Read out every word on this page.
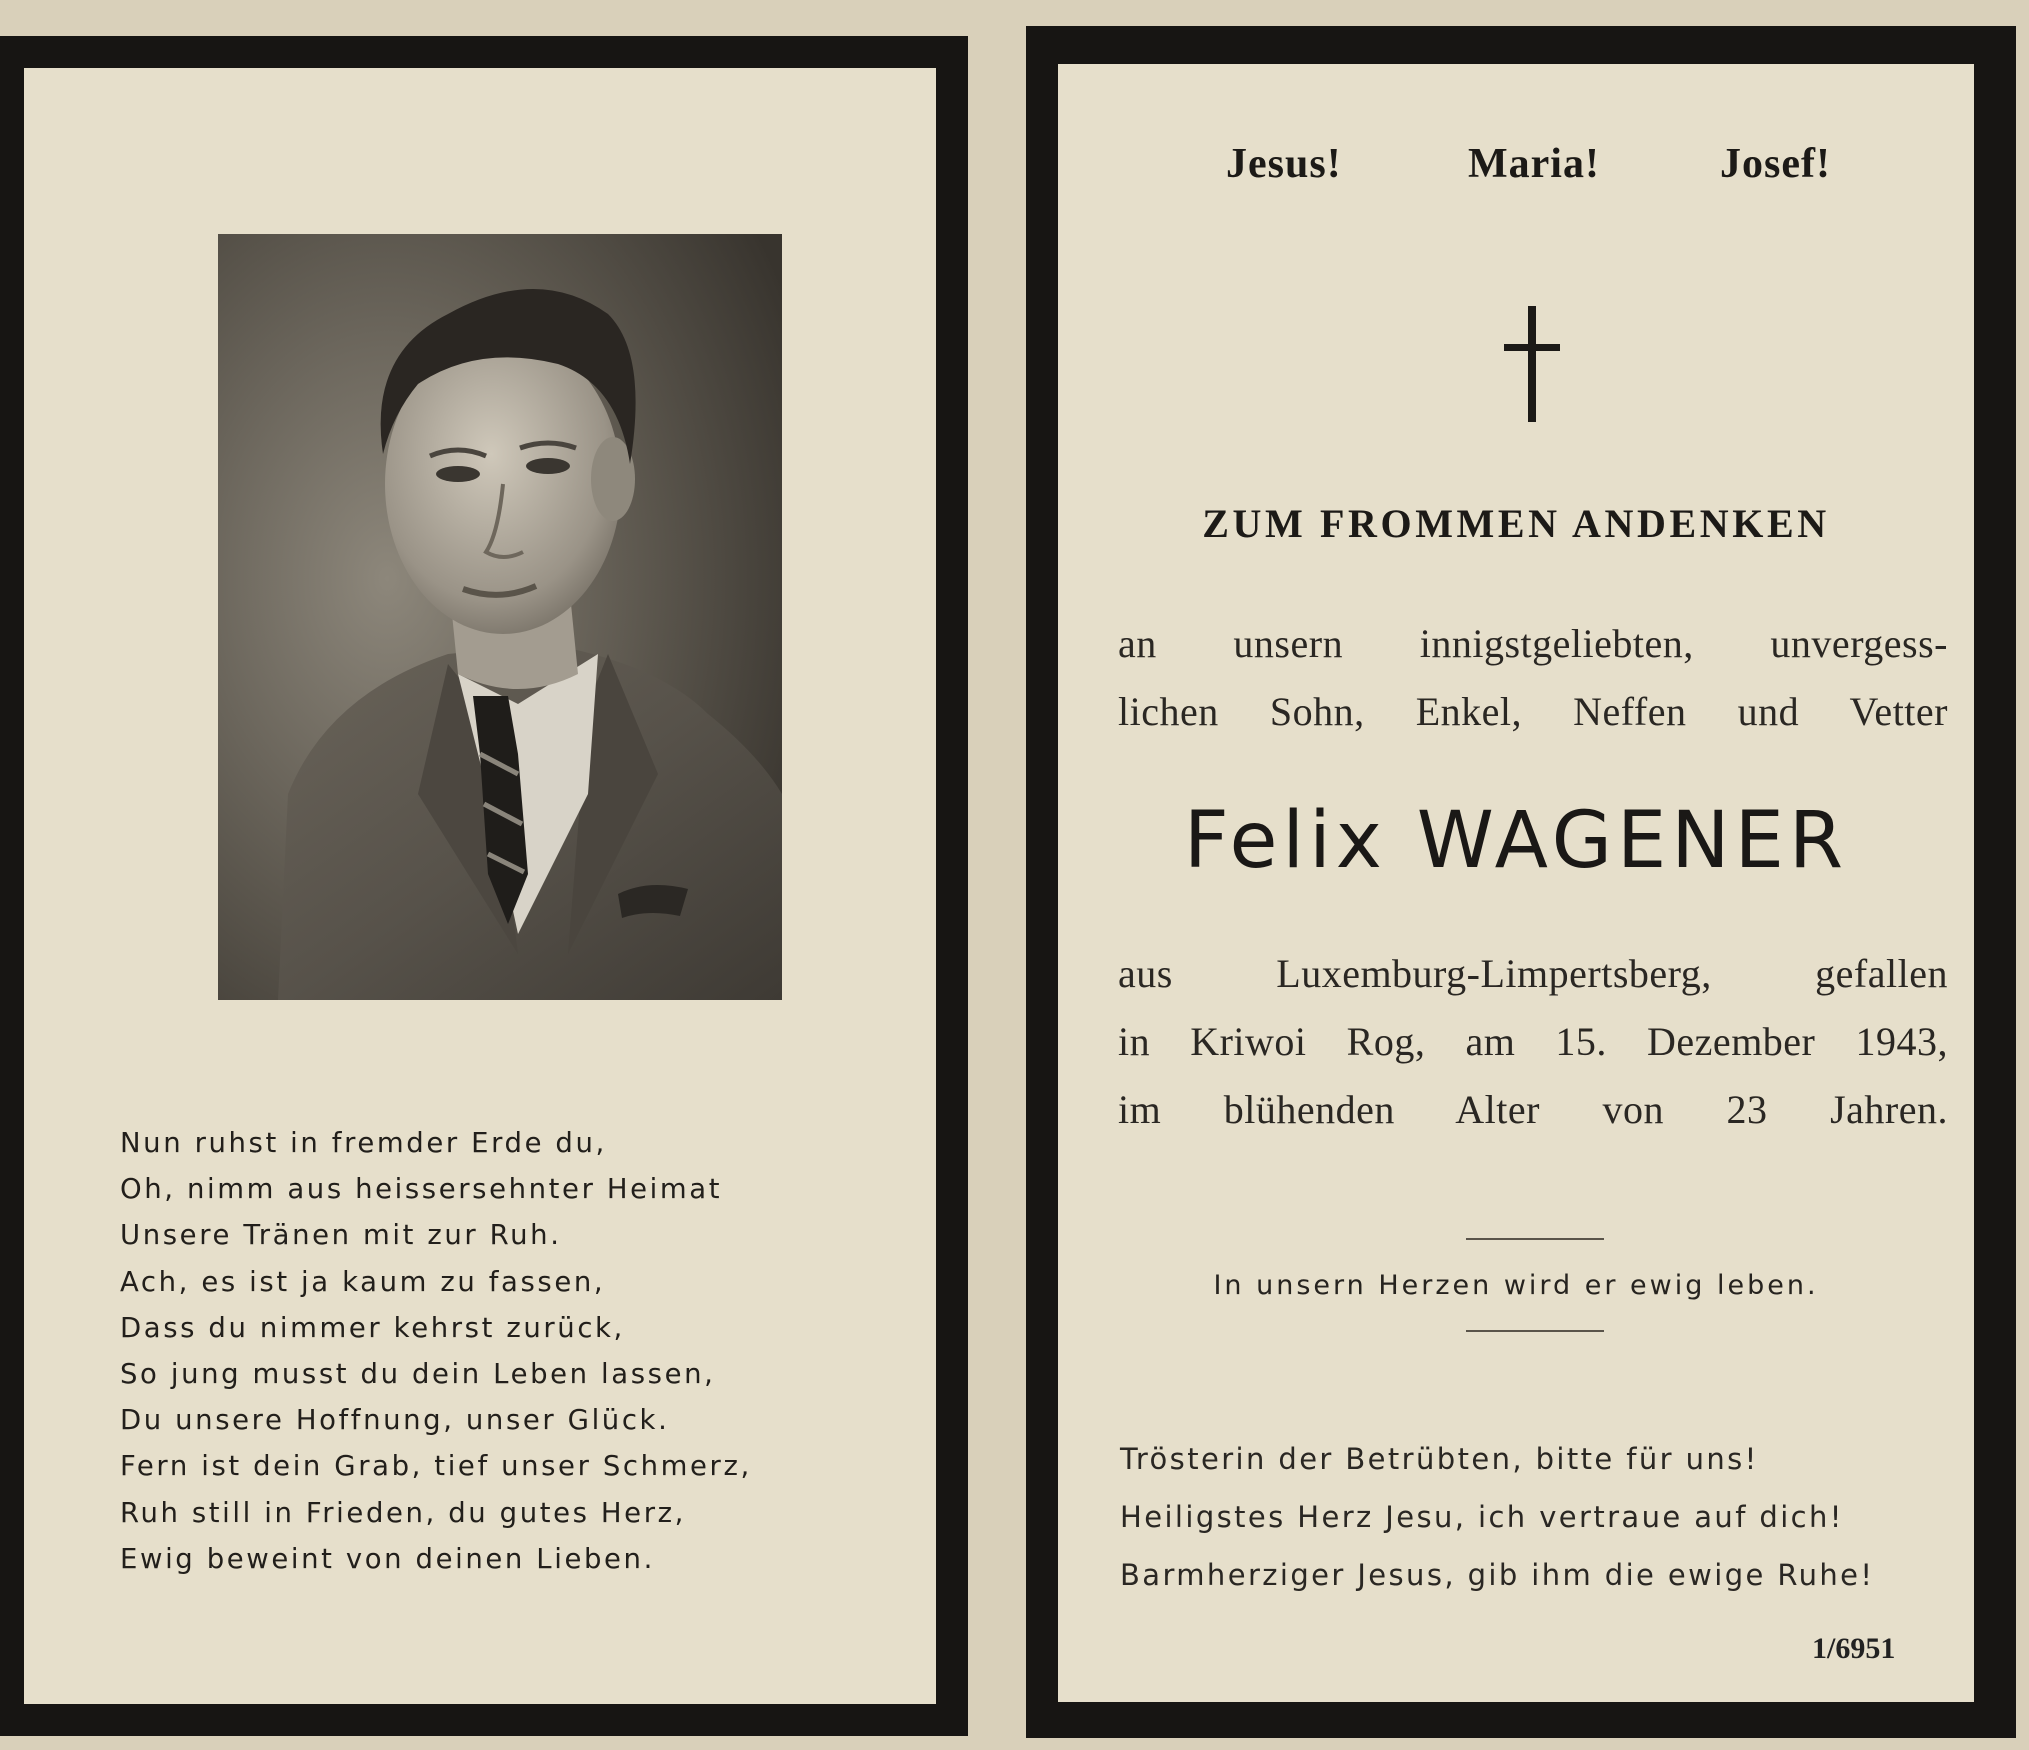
Nun ruhst in fremder Erde du,
Oh, nimm aus heissersehnter Heimat
Unsere Tränen mit zur Ruh.
Ach, es ist ja kaum zu fassen,
Dass du nimmer kehrst zurück,
So jung musst du dein Leben lassen,
Du unsere Hoffnung, unser Glück.
Fern ist dein Grab, tief unser Schmerz,
Ruh still in Frieden, du gutes Herz,
Ewig beweint von deinen Lieben.
Jesus!	Maria!	Josef!
ZUM FROMMEN ANDENKEN
an unsern innigstgeliebten, unvergess-
lichen Sohn, Enkel, Neffen und Vetter
Felix WAGENER
aus Luxemburg-Limpertsberg, gefallen
in Kriwoi Rog, am 15. Dezember 1943,
im blühenden Alter von 23 Jahren.
In unsern Herzen wird er ewig leben.
Trösterin der Betrübten, bitte für uns!
Heiligstes Herz Jesu, ich vertraue auf dich!
Barmherziger Jesus, gib ihm die ewige Ruhe!
1/6951
